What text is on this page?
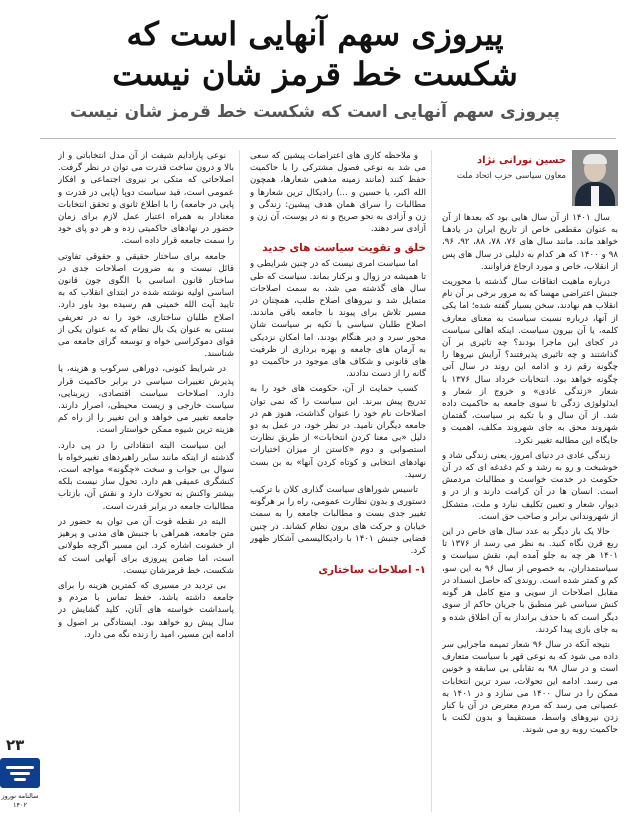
پیروزی سهم آنهایی است که
شکست خط قرمز شان نیست
پیروزی سهم آنهایی است که شکست خط قرمز شان نیست
حسین نورانی نژاد
معاون سیاسی حزب اتحاد ملت

سال ۱۴۰۱ از آن سال هایی بود که بعدها از آن به عنوان مقطعی خاص از تاریخ ایران در یادهـا خواهد ماند. مانند سال های ۷۶، ۷۸، ۸۸، ۹۲، ۹۶، ۹۸ و ۱۴۰۰ که هر کدام به دلیلی در سال های پس از انقلاب، خاص و مورد ارجاع فراوانند.

درباره ماهیت اتفاقات سال گذشته با محوریت جنبش اعتراضی مهسا که به مرور برخی بر آن نام انقلاب هم نهادند، سخن بسیار گفته شده؛ اما یکی از آنها، درباره نسبت سیاست به معنای معارف کلمه، یا آن بیرون سیاست. اینکه اهالی سیاست در کجای این ماجرا بودند؟ چه تاثیری بر آن گذاشتند و چه تاثیری پذیرفتند؟ آرایش نیروها را چگونه رقم زد و ادامه این روند در سال آتی چگونه خواهد بود. انتخابات خرداد سال ۱۳۷۶ با شعار «زندگی عادی» و خروج از شعار و ایدئولوژی زدگی تا سوی جامعه به حاکمیت داده شد. از آن سال و با تکیه بر سیاست، گفتمان شهروند محق به جای شهروند مکلف، اهمیت و جایگاه این مطالبه تغییر نکرد.

زندگی عادی در دنیای امروز، یعنی زندگی شاد و خوشبخت و رو به رشد و کم دغدغه ای که در آن حکومت در خدمت خواست و مطالبات مردمش است. انسان ها در آن کرامت دارند و از در و دیوار، شعار و تعیین تکلیف نبارد و ملت، متشکل از شهروندانی برابر و صاحب حق است.

حالا یک بار دیگر به عدد سال های خاص در این ربع قرن نگاه کنید. به نظر می رسد از ۱۳۷۶ تا ۱۴۰۱ هر چه به جلو آمده ایم، نقش سیاست و سیاستمداران، به خصوص از سال ۹۶ به این سو، کم و کمتر شده است. روندی که حاصل انسداد در مقابل اصلاحات از سویی و منع کامل هر گونه کنش سیاسی غیر منطبق با جریان حاکم از سوی دیگر است که با حذف برانداز به آن اطلاق شده و به جای بازی پیدا کردند.

نتیجه آنکه در سال ۹۶ شعار تمیمه ماجرایی سر داده می شود که به نوعی قهر با سیاست متعارف است و در سال ۹۸ به تقابلی بی سابقه و خونین می رسد. ادامه این تحولات، سرد ترین انتخابات ممکن را در سال ۱۴۰۰ می سازد و در ۱۴۰۱ به عصیانی می رسد که مردم معترض در آن با کنار زدن نیروهای واسط، مستقیما و بدون لکنت با حاکمیت روبه رو می شوند.

و ملاحظه کاری های اعتراضات پیشین که سعی می شد به نوعی فصول مشترکی را با حاکمیت حفظ کنند (مانند زمینه مذهبی شعارها، همچون الله اکبر، یا حسین و ...) رادیکال ترین شعارها و مطالبات را سرای همان هدف پیشین: زندگی و زن و آزادی به نحو صریح و نه در پوست، آن زن و آزادی سر دهند.

خلق و تقویت سیاست های جدید

اما سیاست امری نیست که در چنین شرایطی و تا همیشه در زوال و برکنار بماند. سیاست که طی سال های گذشته می شد، به سمت اصلاحات متمایل شد و نیروهای اصلاح طلب، همچنان در مسیر تلاش برای پیوند با جامعه باقی ماندند. اصلاح طلبان سیاسی با تکیه بر سیاست شان محور سرد و دیر هنگام بودند، اما امکان نزدیکی به آرمان های جامعه و بهره برداری از ظرفیت های قانونی و شکاف های موجود در حاکمیت دو گانه را از دست ندادند.

کسب حمایت از آن، حکومت های خود را به تدریج پیش ببرند. این سیاست را که نمی توان اصلاحات نام خود را عنوان گذاشت، هنوز هم در جامعه دیگران نامید. در نظر خود، در عمل به دو دلیل «بی معنا کردن انتخابات» از طریق نظارت استصوابی و دوم «کاستن از میزان اختیارات نهادهای انتخابی و کوتاه کردن آنها» به بن بست رسید.

تاسیس شوراهای سیاست گذاری کلان با ترکیب دستوری و بدون نظارت عمومی، راه را بر هرگونه تغییر جدی بست و مطالبات جامعه را به سمت خیابان و حرکت های برون نظام کشاند. در چنین فضایی جنبش ۱۴۰۱ با رادیکالیسمی آشکار ظهور کرد.

۱- اصلاحات ساختاری

نوعی پارادایم شیفت از آن مدل انتخاباتی و از بالا و درون ساخت قدرت می توان در نظر گرفت. اصلاحاتی که متکی بر نیروی اجتماعی و افکار عمومی است، قید سیاست دوپا (پایی در قدرت و پایی در جامعه) را با اطلاع ثانوی و تحقق انتخابات معنادار به همراه اعتبار عمل لازم برای زمان حضور در نهادهای حاکمیتی زده و هر دو پای خود را سمت جامعه قرار داده است.

جامعه برای ساختار حقیقی و حقوقی تفاوتی قائل نیست و به ضرورت اصلاحات جدی در ساختار قانون اساسی با الگوی جون قانون اساسی اولیه نوشته شده در ابتدای انقلاب که به تایید آیت الله خمینی هم رسیده بود باور دارد. اصلاح طلبان ساختاری، خود را نه در تعریفی سنتی به عنوان یک بال نظام که به عنوان یکی از قوای دموکراسی خواه و توسعه گرای جامعه می شناسند.

در شرایط کنونی، دوراهی سرکوب و هزینه، یا پذیرش تغییرات سیاسی در برابر حاکمیت قرار دارد. اصلاحات سیاست اقتصادی، زیربنایی، سیاست خارجی و زیست محیطی، اصرار دارند. جامعه تغییر می خواهد و این تغییر را از راه کم هزینه ترین شیوه ممکن خواستار است.

این سیاست البته انتقاداتی را در پی دارد. گذشته از اینکه مانند سایر راهبردهای تغییرخواه با سوال بی جواب و سخت «چگونه» مواجه است، کنشگری عمیقی هم دارد. تحول ساز نیست بلکه بیشتر واکنش به تحولات دارد و نقش آن، بازتاب مطالبات جامعه در برابر قدرت است.

البته در نقطه قوت آن می توان به حضور در متن جامعه، همراهی با جنبش های مدنی و پرهیز از خشونت اشاره کرد. این مسیر اگرچه طولانی است، اما ضامن پیروزی برای آنهایی است که شکست، خط قرمزشان نیست.

بی تردید در مسیری که کمترین هزینه را برای جامعه داشته باشد، حفظ تماس با مردم و پاسداشت خواسته های آنان، کلید گشایش در سال پیش رو خواهد بود. ایستادگی بر اصول و ادامه این مسیر، امید را زنده نگه می دارد.

۲۳
سالنامه نوروز ۱۴۰۲
